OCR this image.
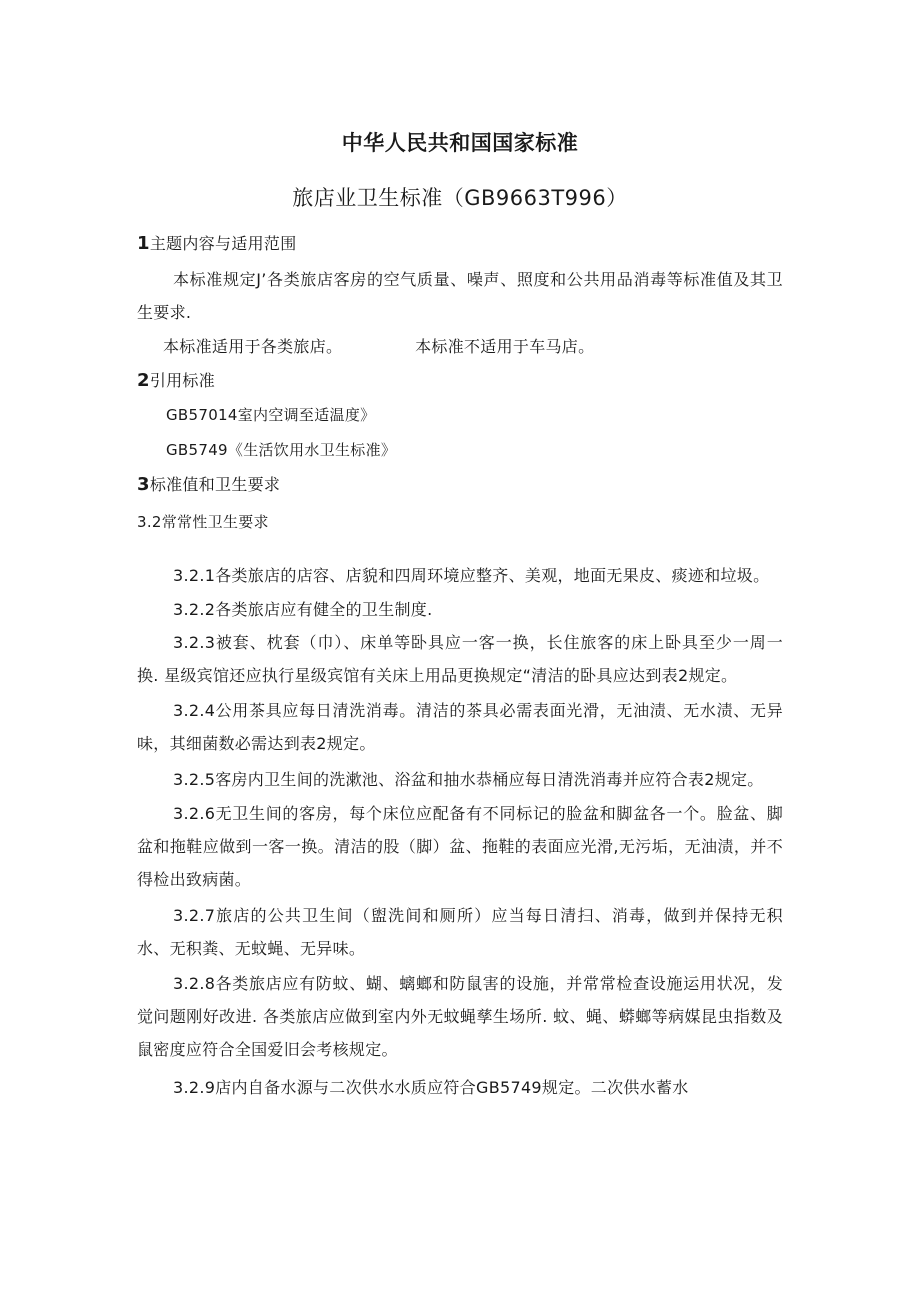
中华人民共和国国家标准
旅店业卫生标准（GB9663T996）
1主题内容与适用范围
本标准规定J’各类旅店客房的空气质量、噪声、照度和公共用品消毒等标准值及其卫生要求.
本标准适用于各类旅店。	本标准不适用于车马店。
2引用标准
GB57014室内空调至适温度》
GB5749《生活饮用水卫生标准》
3标准值和卫生要求
3.2常常性卫生要求
3.2.1各类旅店的店容、店貌和四周环境应整齐、美观，地面无果皮、痰迹和垃圾。
3.2.2各类旅店应有健全的卫生制度.
3.2.3被套、枕套（巾）、床单等卧具应一客一换，长住旅客的床上卧具至少一周一换. 星级宾馆还应执行星级宾馆有关床上用品更换规定“清洁的卧具应达到表2规定。
3.2.4公用茶具应每日清洗消毒。清洁的茶具必需表面光滑，无油渍、无水渍、无异味，其细菌数必需达到表2规定。
3.2.5客房内卫生间的洗漱池、浴盆和抽水恭桶应每日清洗消毒并应符合表2规定。
3.2.6无卫生间的客房，每个床位应配备有不同标记的脸盆和脚盆各一个。脸盆、脚盆和拖鞋应做到一客一换。清洁的股（脚）盆、拖鞋的表面应光滑,无污垢，无油渍，并不得检出致病菌。
3.2.7旅店的公共卫生间（盥洗间和厕所）应当每日清扫、消毒，做到并保持无积水、无积粪、无蚊蝇、无异味。
3.2.8各类旅店应有防蚊、蝴、螭螂和防鼠害的设施，并常常检查设施运用状况，发觉问题刚好改进. 各类旅店应做到室内外无蚊蝇孳生场所. 蚊、蝇、蟒螂等病媒昆虫指数及鼠密度应符合全国爱旧会考核规定。
3.2.9店内自备水源与二次供水水质应符合GB5749规定。二次供水蓄水
